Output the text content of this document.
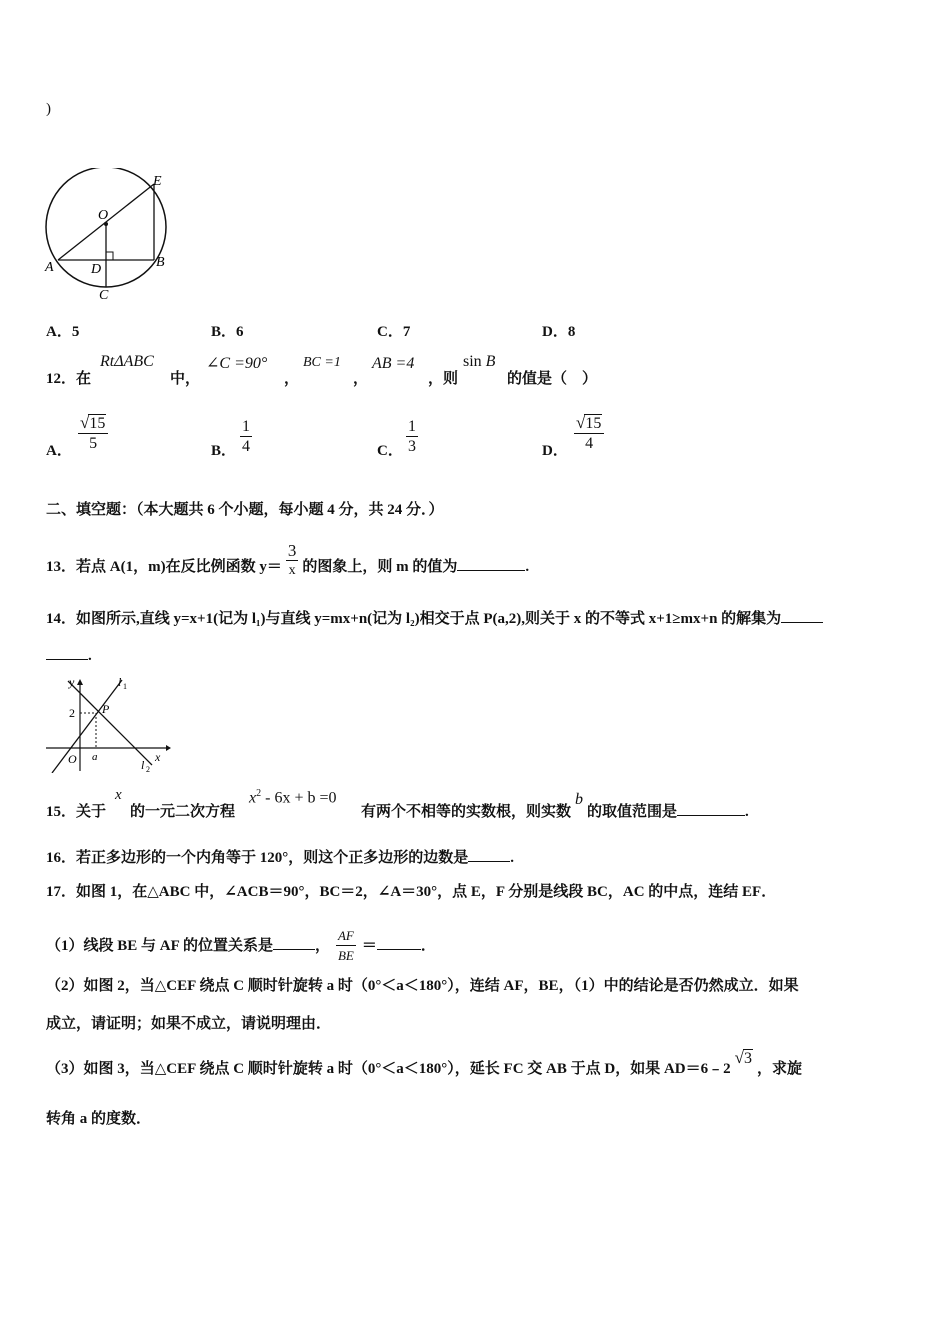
)
E
O
A	D	B
C
A．5	B．6	C．7	D．8
12．在
RtΔABC
中，
∠C =90°
，
BC =1
，
AB =4
，则
sin B
的值是（　）
A． $\frac{√15}{5}$	B． $\frac{1}{4}$	C． $\frac{1}{3}$	D． $\frac{√15}{4}$
二、填空题：（本大题共 6 个小题，每小题 4 分，共 24 分．）
13．若点 A(1，m)在反比例函数 $y= \frac{3}{x}$ 的图象上，则 m 的值为	.
14．如图所示,直线 y=x+1(记为 l₁)与直线 y=mx+n(记为 l₂)相交于点 P(a,2),则关于 x 的不等式 x+1≥mx+n 的解集为
.
y	l 1
2 P
O a
l 2
x
15．关于
x
的一元二次方程
$x^2 - 6x + b =0$
有两个不相等的实数根，则实数b的取值范围是	.
16．若正多边形的一个内角等于 120°，则这个正多边形的边数是	.
17．如图 1，在△ABC 中，∠ACB＝90°，BC＝2，∠A＝30°，点 E，F 分别是线段 BC，AC 的中点，连结 EF．
（1）线段 BE 与 AF 的位置关系是	， $\frac{AF}{BE}$ ＝	．
（2）如图 2，当△CEF 绕点 C 顺时针旋转 a 时（0°＜a＜180°），连结 AF，BE，（1）中的结论是否仍然成立．如果
成立，请证明；如果不成立，请说明理由．
（3）如图 3，当△CEF 绕点 C 顺时针旋转 a 时（0°＜a＜180°），延长 FC 交 AB 于点 D，如果 AD＝6﹣2√3，求旋
转角 a 的度数．
